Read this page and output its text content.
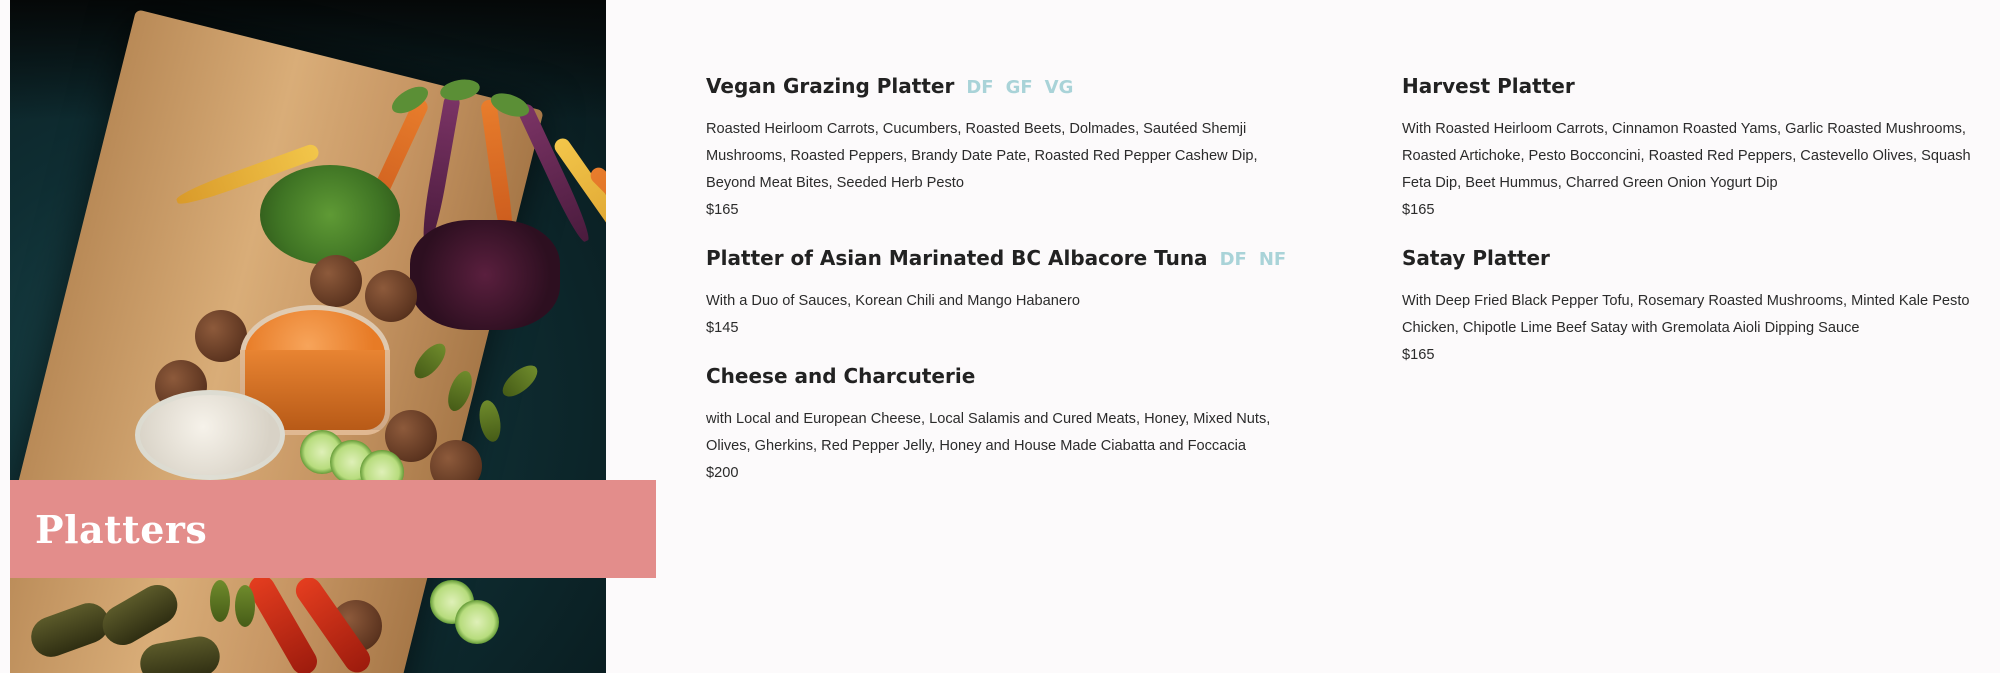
Platters
Vegan Grazing Platter DF GF VG

Roasted Heirloom Carrots, Cucumbers, Roasted Beets, Dolmades, Sautéed Shemji Mushrooms, Roasted Peppers, Brandy Date Pate, Roasted Red Pepper Cashew Dip, Beyond Meat Bites, Seeded Herb Pesto

$165

Platter of Asian Marinated BC Albacore Tuna DF NF

With a Duo of Sauces, Korean Chili and Mango Habanero

$145

Cheese and Charcuterie

with Local and European Cheese, Local Salamis and Cured Meats, Honey, Mixed Nuts, Olives, Gherkins, Red Pepper Jelly, Honey and House Made Ciabatta and Foccacia

$200

Harvest Platter

With Roasted Heirloom Carrots, Cinnamon Roasted Yams, Garlic Roasted Mushrooms, Roasted Artichoke, Pesto Bocconcini, Roasted Red Peppers, Castevello Olives, Squash Feta Dip, Beet Hummus, Charred Green Onion Yogurt Dip

$165

Satay Platter

With Deep Fried Black Pepper Tofu, Rosemary Roasted Mushrooms, Minted Kale Pesto Chicken, Chipotle Lime Beef Satay with Gremolata Aioli Dipping Sauce

$165
